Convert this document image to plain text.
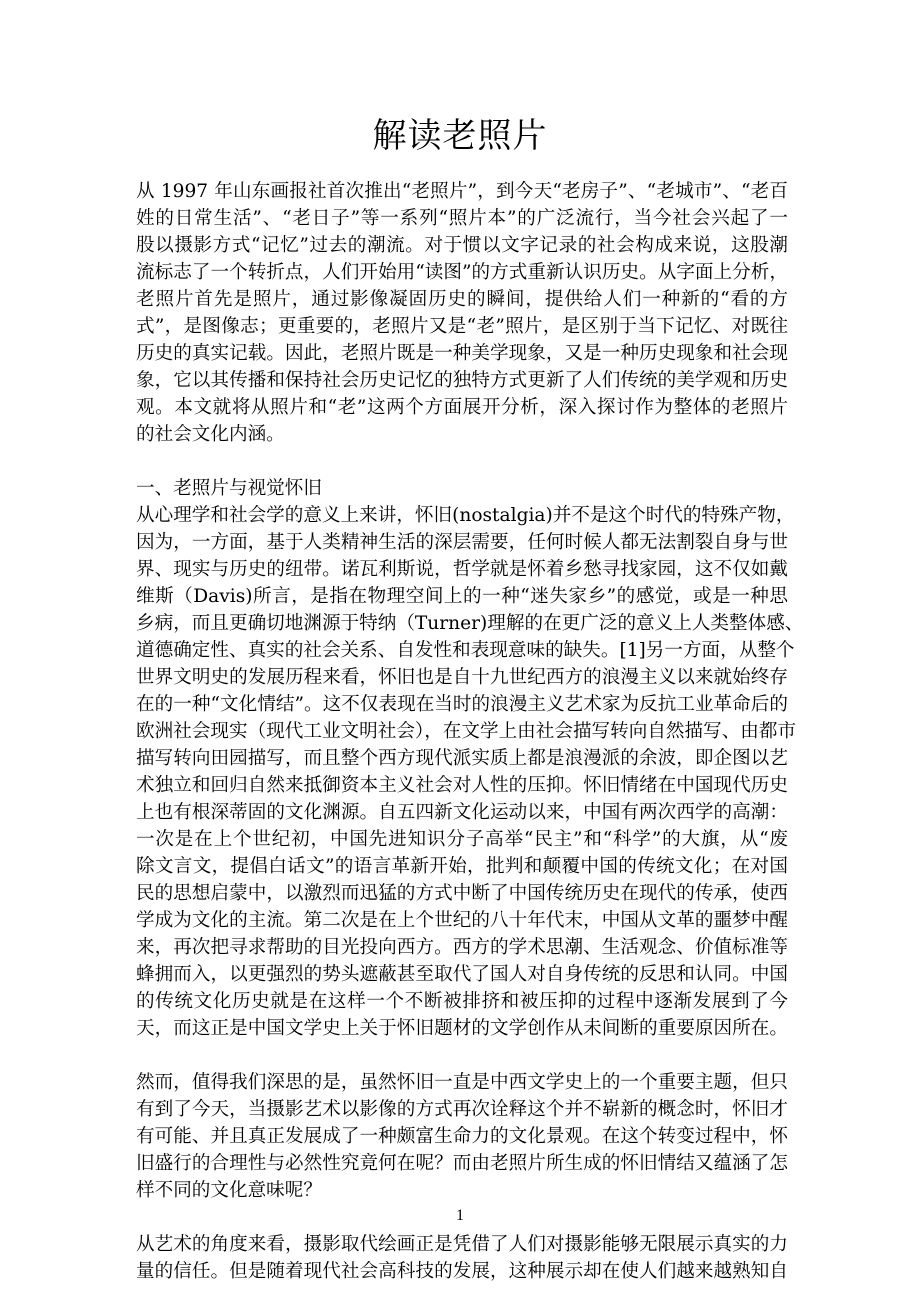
解读老照片
从 1997 年山东画报社首次推出“老照片”，到今天“老房子”、“老城市”、“老百
姓的日常生活”、“老日子”等一系列“照片本”的广泛流行，当今社会兴起了一
股以摄影方式“记忆”过去的潮流。对于惯以文字记录的社会构成来说，这股潮
流标志了一个转折点，人们开始用“读图”的方式重新认识历史。从字面上分析，
老照片首先是照片，通过影像凝固历史的瞬间，提供给人们一种新的“看的方
式”，是图像志；更重要的，老照片又是“老”照片，是区别于当下记忆、对既往
历史的真实记载。因此，老照片既是一种美学现象，又是一种历史现象和社会现
象，它以其传播和保持社会历史记忆的独特方式更新了人们传统的美学观和历史
观。本文就将从照片和“老”这两个方面展开分析，深入探讨作为整体的老照片
的社会文化内涵。
一、老照片与视觉怀旧
从心理学和社会学的意义上来讲，怀旧(nostalgia)并不是这个时代的特殊产物，
因为，一方面，基于人类精神生活的深层需要，任何时候人都无法割裂自身与世
界、现实与历史的纽带。诺瓦利斯说，哲学就是怀着乡愁寻找家园，这不仅如戴
维斯（Davis)所言，是指在物理空间上的一种“迷失家乡”的感觉，或是一种思
乡病，而且更确切地渊源于特纳（Turner)理解的在更广泛的意义上人类整体感、
道德确定性、真实的社会关系、自发性和表现意味的缺失。[1]另一方面，从整个
世界文明史的发展历程来看，怀旧也是自十九世纪西方的浪漫主义以来就始终存
在的一种“文化情结”。这不仅表现在当时的浪漫主义艺术家为反抗工业革命后的
欧洲社会现实（现代工业文明社会），在文学上由社会描写转向自然描写、由都市
描写转向田园描写，而且整个西方现代派实质上都是浪漫派的余波，即企图以艺
术独立和回归自然来抵御资本主义社会对人性的压抑。怀旧情绪在中国现代历史
上也有根深蒂固的文化渊源。自五四新文化运动以来，中国有两次西学的高潮：
一次是在上个世纪初，中国先进知识分子高举“民主”和“科学”的大旗，从“废
除文言文，提倡白话文”的语言革新开始，批判和颠覆中国的传统文化；在对国
民的思想启蒙中，以激烈而迅猛的方式中断了中国传统历史在现代的传承，使西
学成为文化的主流。第二次是在上个世纪的八十年代末，中国从文革的噩梦中醒
来，再次把寻求帮助的目光投向西方。西方的学术思潮、生活观念、价值标准等
蜂拥而入，以更强烈的势头遮蔽甚至取代了国人对自身传统的反思和认同。中国
的传统文化历史就是在这样一个不断被排挤和被压抑的过程中逐渐发展到了今
天，而这正是中国文学史上关于怀旧题材的文学创作从未间断的重要原因所在。
然而，值得我们深思的是，虽然怀旧一直是中西文学史上的一个重要主题，但只
有到了今天，当摄影艺术以影像的方式再次诠释这个并不崭新的概念时，怀旧才
有可能、并且真正发展成了一种颇富生命力的文化景观。在这个转变过程中，怀
旧盛行的合理性与必然性究竟何在呢？而由老照片所生成的怀旧情结又蕴涵了怎
样不同的文化意味呢？
从艺术的角度来看，摄影取代绘画正是凭借了人们对摄影能够无限展示真实的力
量的信任。但是随着现代社会高科技的发展，这种展示却在使人们越来越熟知自
1
